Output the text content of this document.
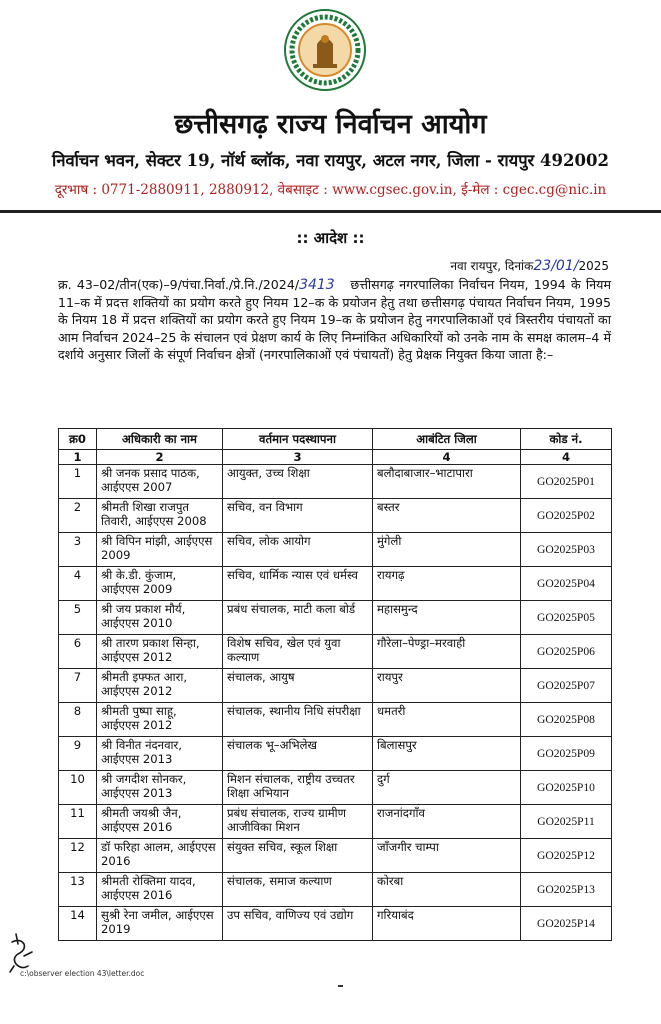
छत्तीसगढ़ राज्य निर्वाचन आयोग
निर्वाचन भवन, सेक्टर 19, नॉर्थ ब्लॉक, नवा रायपुर, अटल नगर, जिला - रायपुर 492002
दूरभाष : 0771-2880911, 2880912, वेबसाइट : www.cgsec.gov.in, ई-मेल : cgec.cg@nic.in
:: आदेश ::
नवा रायपुर, दिनांक23/01/2025
क्र. 43–02/तीन(एक)–9/पंचा.निर्वा./प्रे.नि./2024/3413 छत्तीसगढ़ नगरपालिका निर्वाचन नियम, 1994 के नियम 11–क में प्रदत्त शक्तियों का प्रयोग करते हुए नियम 12–क के प्रयोजन हेतु तथा छत्तीसगढ़ पंचायत निर्वाचन नियम, 1995 के नियम 18 में प्रदत्त शक्तियों का प्रयोग करते हुए नियम 19–क के प्रयोजन हेतु नगरपालिकाओं एवं त्रिस्तरीय पंचायतों का आम निर्वाचन 2024–25 के संचालन एवं प्रेक्षण कार्य के लिए निम्नांकित अधिकारियों को उनके नाम के समक्ष कालम–4 में दर्शाये अनुसार जिलों के संपूर्ण निर्वाचन क्षेत्रों (नगरपालिकाओं एवं पंचायतों) हेतु प्रेक्षक नियुक्त किया जाता है:–
क्र0	अधिकारी का नाम	वर्तमान पदस्थापना	आबंटित जिला	कोड नं.
1	2	3	4	4
1	श्री जनक प्रसाद पाठक, आईएएस 2007	आयुक्त, उच्च शिक्षा	बलौदाबाजार–भाटापारा	GO2025P01
2	श्रीमती शिखा राजपुत तिवारी, आईएएस 2008	सचिव, वन विभाग	बस्तर	GO2025P02
3	श्री विपिन मांझी, आईएएस 2009	सचिव, लोक आयोग	मुंगेली	GO2025P03
4	श्री के.डी. कुंजाम, आईएएस 2009	सचिव, धार्मिक न्यास एवं धर्मस्व	रायगढ़	GO2025P04
5	श्री जय प्रकाश मौर्य, आईएएस 2010	प्रबंध संचालक, माटी कला बोर्ड	महासमुन्द	GO2025P05
6	श्री तारण प्रकाश सिन्हा, आईएएस 2012	विशेष सचिव, खेल एवं युवा कल्याण	गौरेला–पेण्ड्रा–मरवाही	GO2025P06
7	श्रीमती इफ्फत आरा, आईएएस 2012	संचालक, आयुष	रायपुर	GO2025P07
8	श्रीमती पुष्पा साहू, आईएएस 2012	संचालक, स्थानीय निधि संपरीक्षा	धमतरी	GO2025P08
9	श्री विनीत नंदनवार, आईएएस 2013	संचालक भू–अभिलेख	बिलासपुर	GO2025P09
10	श्री जगदीश सोनकर, आईएएस 2013	मिशन संचालक, राष्ट्रीय उच्चतर शिक्षा अभियान	दुर्ग	GO2025P10
11	श्रीमती जयश्री जैन, आईएएस 2016	प्रबंध संचालक, राज्य ग्रामीण आजीविका मिशन	राजनांदगाँव	GO2025P11
12	डॉ फरिहा आलम, आईएएस 2016	संयुक्त सचिव, स्कूल शिक्षा	जाँजगीर चाम्पा	GO2025P12
13	श्रीमती रोक्तिमा यादव, आईएएस 2016	संचालक, समाज कल्याण	कोरबा	GO2025P13
14	सुश्री रेना जमील, आईएएस 2019	उप सचिव, वाणिज्य एवं उद्योग	गरियाबंद	GO2025P14
c:\observer election 43\letter.doc
